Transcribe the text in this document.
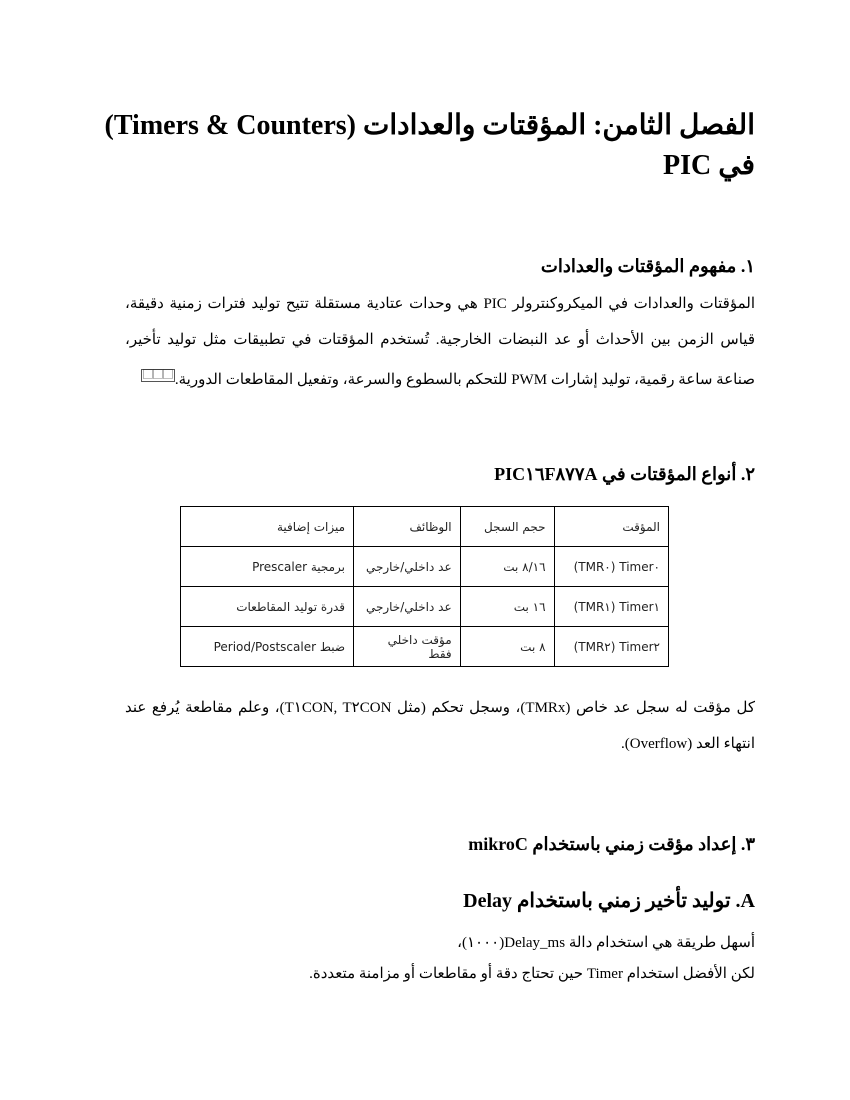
الفصل الثامن: المؤقتات والعدادات (Timers & Counters)
في PIC ⃞⃞
١. مفهوم المؤقتات والعدادات
المؤقتات والعدادات في الميكروكنترولر PIC هي وحدات عتادية مستقلة تتيح توليد فترات زمنية دقيقة، قياس الزمن بين الأحداث أو عد النبضات الخارجية. تُستخدم المؤقتات في تطبيقات مثل توليد تأخير، صناعة ساعة رقمية، توليد إشارات PWM للتحكم بالسطوع والسرعة، وتفعيل المقاطعات الدورية.⃞⃞⃞
٢. أنواع المؤقتات في PIC١٦F٨٧٧A
المؤقت	حجم السجل	الوظائف	ميزات إضافية
Timer٠ (TMR٠)	٨/١٦ بت	عد داخلي/خارجي	برمجية Prescaler
Timer١ (TMR١)	١٦ بت	عد داخلي/خارجي	قدرة توليد المقاطعات
Timer٢ (TMR٢)	٨ بت	مؤقت داخلي فقط	ضبط Period/Postscaler
كل مؤقت له سجل عد خاص (TMRx)، وسجل تحكم (مثل T١CON, T٢CON)، وعلم مقاطعة يُرفع عند انتهاء العد (Overflow).
٣. إعداد مؤقت زمني باستخدام mikroC
A. توليد تأخير زمني باستخدام Delay
أسهل طريقة هي استخدام دالة Delay_ms(١٠٠٠)،
لكن الأفضل استخدام Timer حين تحتاج دقة أو مقاطعات أو مزامنة متعددة.
